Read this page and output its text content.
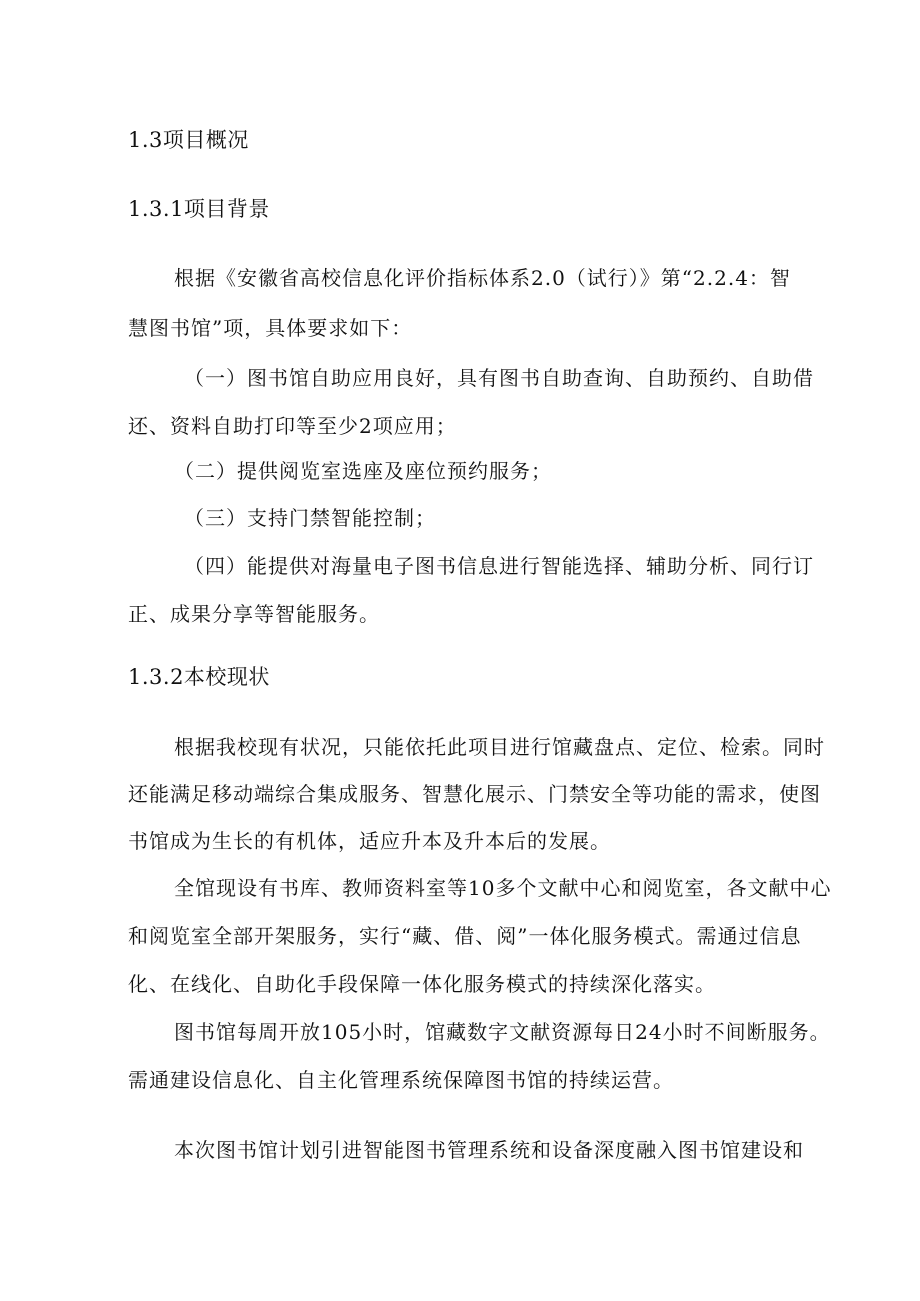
1.3项目概况
1.3.1项目背景
根据《安徽省高校信息化评价指标体系2.0（试行）》第“2.2.4：智
慧图书馆”项，具体要求如下：
（一）图书馆自助应用良好，具有图书自助查询、自助预约、自助借
还、资料自助打印等至少2项应用；
（二）提供阅览室选座及座位预约服务；
（三）支持门禁智能控制；
（四）能提供对海量电子图书信息进行智能选择、辅助分析、同行订
正、成果分享等智能服务。
1.3.2本校现状
根据我校现有状况，只能依托此项目进行馆藏盘点、定位、检索。同时
还能满足移动端综合集成服务、智慧化展示、门禁安全等功能的需求，使图
书馆成为生长的有机体，适应升本及升本后的发展。
全馆现设有书库、教师资料室等10多个文献中心和阅览室，各文献中心
和阅览室全部开架服务，实行“藏、借、阅”一体化服务模式。需通过信息
化、在线化、自助化手段保障一体化服务模式的持续深化落实。
图书馆每周开放105小时，馆藏数字文献资源每日24小时不间断服务。
需通建设信息化、自主化管理系统保障图书馆的持续运营。
本次图书馆计划引进智能图书管理系统和设备深度融入图书馆建设和
